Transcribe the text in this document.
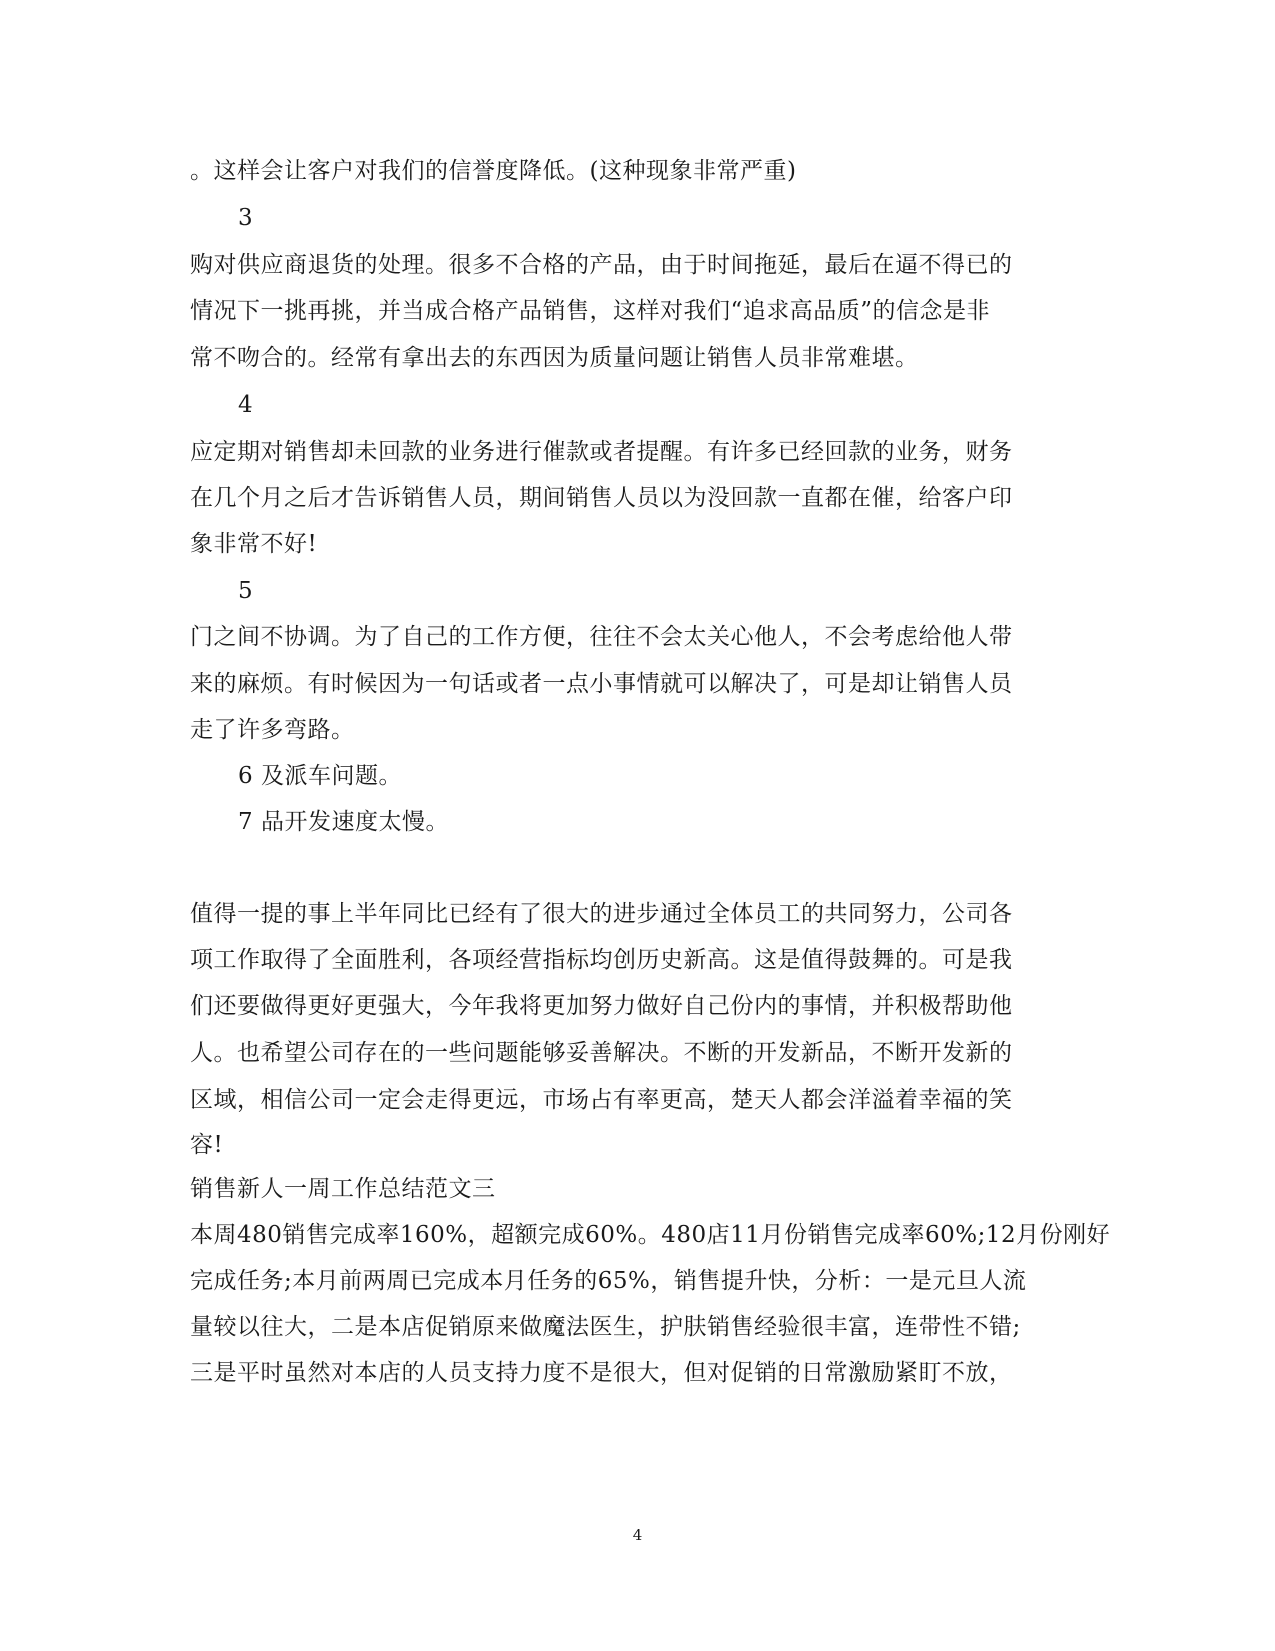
。这样会让客户对我们的信誉度降低。(这种现象非常严重)
3
购对供应商退货的处理。很多不合格的产品，由于时间拖延，最后在逼不得已的
情况下一挑再挑，并当成合格产品销售，这样对我们“追求高品质”的信念是非
常不吻合的。经常有拿出去的东西因为质量问题让销售人员非常难堪。
4
应定期对销售却未回款的业务进行催款或者提醒。有许多已经回款的业务，财务
在几个月之后才告诉销售人员，期间销售人员以为没回款一直都在催，给客户印
象非常不好!
5
门之间不协调。为了自己的工作方便，往往不会太关心他人，不会考虑给他人带
来的麻烦。有时候因为一句话或者一点小事情就可以解决了，可是却让销售人员
走了许多弯路。
6 及派车问题。
7 品开发速度太慢。
值得一提的事上半年同比已经有了很大的进步通过全体员工的共同努力，公司各
项工作取得了全面胜利，各项经营指标均创历史新高。这是值得鼓舞的。可是我
们还要做得更好更强大，今年我将更加努力做好自己份内的事情，并积极帮助他
人。也希望公司存在的一些问题能够妥善解决。不断的开发新品，不断开发新的
区域，相信公司一定会走得更远，市场占有率更高，楚天人都会洋溢着幸福的笑
容!
销售新人一周工作总结范文三
本周480销售完成率160%，超额完成60%。480店11月份销售完成率60%;12月份刚好
完成任务;本月前两周已完成本月任务的65%，销售提升快，分析：一是元旦人流
量较以往大，二是本店促销原来做魔法医生，护肤销售经验很丰富，连带性不错;
三是平时虽然对本店的人员支持力度不是很大，但对促销的日常激励紧盯不放，
4
